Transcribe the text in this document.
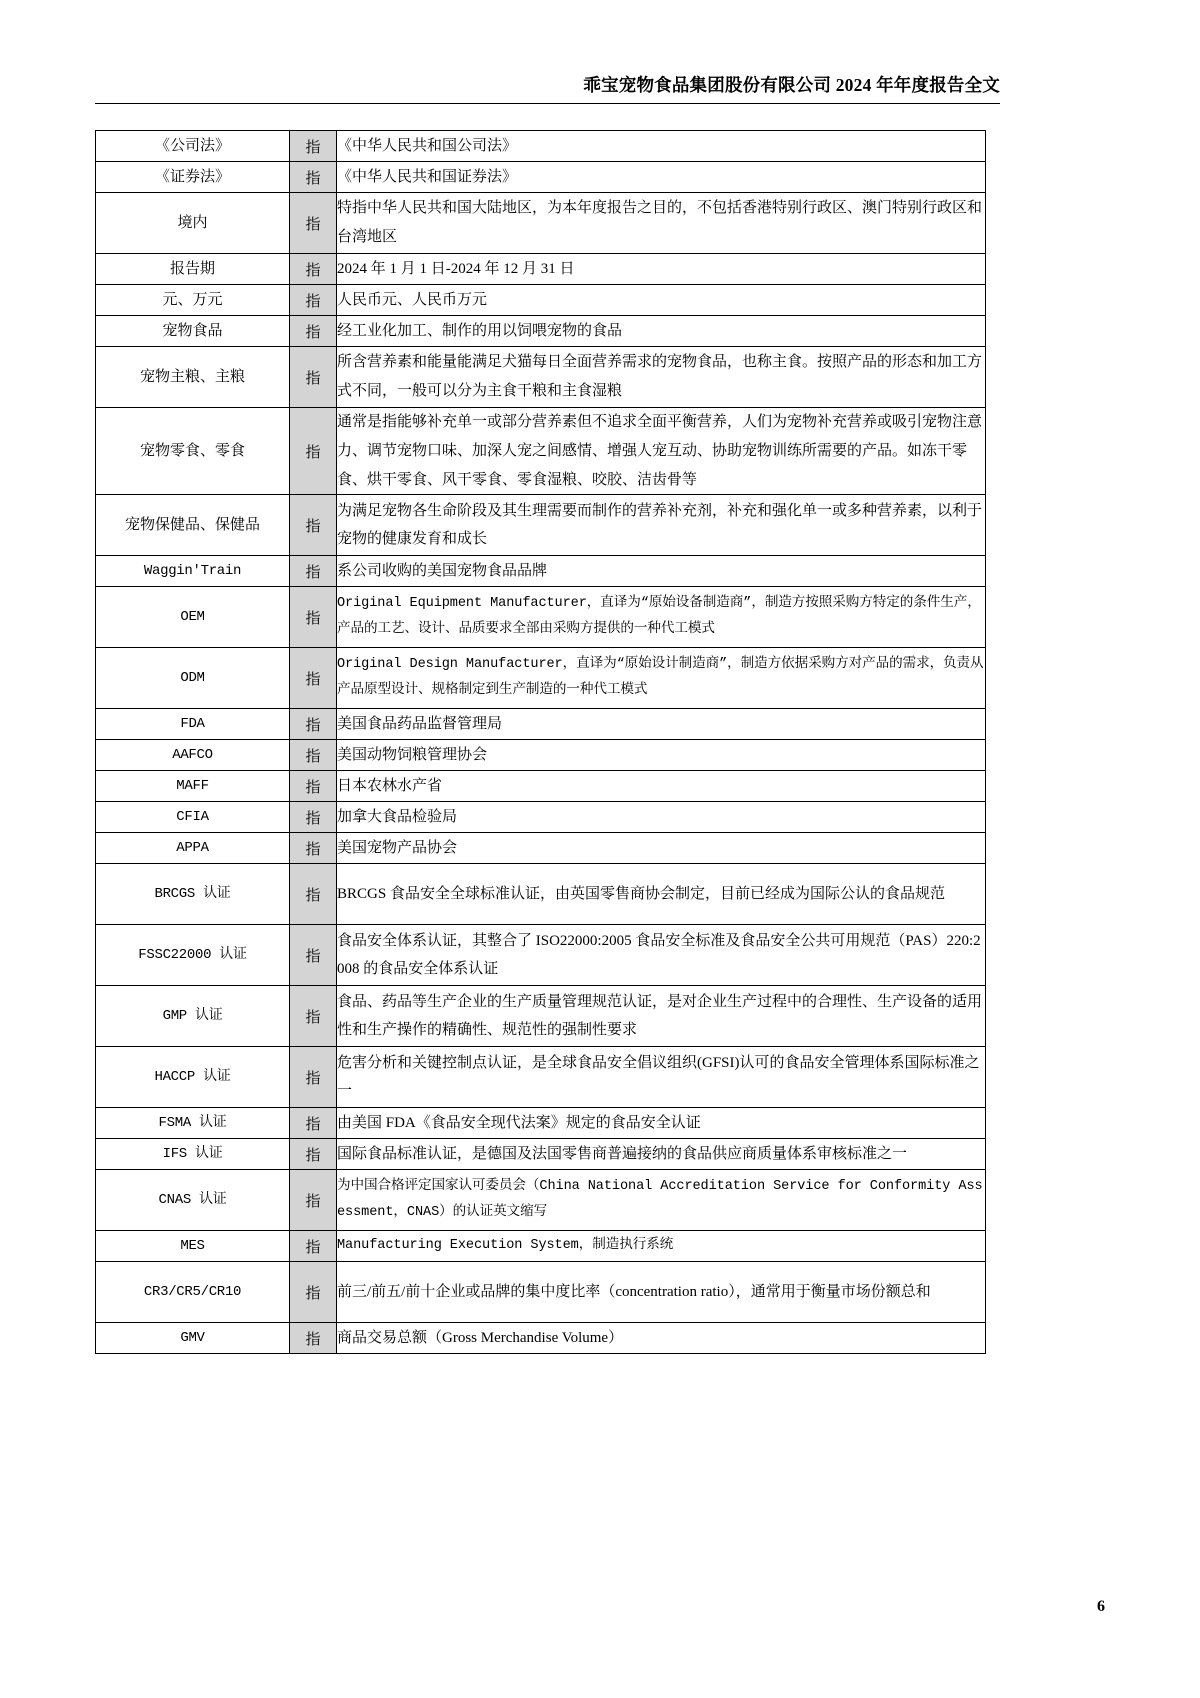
乖宝宠物食品集团股份有限公司 2024 年年度报告全文
《公司法》	指	《中华人民共和国公司法》
《证券法》	指	《中华人民共和国证券法》
境内	指	特指中华人民共和国大陆地区，为本年度报告之目的，不包括香港特别行政区、澳门特别行政区和台湾地区
报告期	指	2024 年 1 月 1 日-2024 年 12 月 31 日
元、万元	指	人民币元、人民币万元
宠物食品	指	经工业化加工、制作的用以饲喂宠物的食品
宠物主粮、主粮	指	所含营养素和能量能满足犬猫每日全面营养需求的宠物食品，也称主食。按照产品的形态和加工方式不同，一般可以分为主食干粮和主食湿粮
宠物零食、零食	指	通常是指能够补充单一或部分营养素但不追求全面平衡营养，人们为宠物补充营养或吸引宠物注意力、调节宠物口味、加深人宠之间感情、增强人宠互动、协助宠物训练所需要的产品。如冻干零食、烘干零食、风干零食、零食湿粮、咬胶、洁齿骨等
宠物保健品、保健品	指	为满足宠物各生命阶段及其生理需要而制作的营养补充剂，补充和强化单一或多种营养素，以利于宠物的健康发育和成长
Waggin'Train	指	系公司收购的美国宠物食品品牌
OEM	指	Original Equipment Manufacturer，直译为“原始设备制造商”，制造方按照采购方特定的条件生产，产品的工艺、设计、品质要求全部由采购方提供的一种代工模式
ODM	指	Original Design Manufacturer，直译为“原始设计制造商”，制造方依据采购方对产品的需求，负责从产品原型设计、规格制定到生产制造的一种代工模式
FDA	指	美国食品药品监督管理局
AAFCO	指	美国动物饲粮管理协会
MAFF	指	日本农林水产省
CFIA	指	加拿大食品检验局
APPA	指	美国宠物产品协会
BRCGS 认证	指	BRCGS 食品安全全球标准认证，由英国零售商协会制定，目前已经成为国际公认的食品规范
FSSC22000 认证	指	食品安全体系认证，其整合了 ISO22000:2005 食品安全标准及食品安全公共可用规范（PAS）220:2008 的食品安全体系认证
GMP 认证	指	食品、药品等生产企业的生产质量管理规范认证，是对企业生产过程中的合理性、生产设备的适用性和生产操作的精确性、规范性的强制性要求
HACCP 认证	指	危害分析和关键控制点认证，是全球食品安全倡议组织(GFSI)认可的食品安全管理体系国际标准之一
FSMA 认证	指	由美国 FDA《食品安全现代法案》规定的食品安全认证
IFS 认证	指	国际食品标准认证，是德国及法国零售商普遍接纳的食品供应商质量体系审核标准之一
CNAS 认证	指	为中国合格评定国家认可委员会（China National Accreditation Service for Conformity Assessment，CNAS）的认证英文缩写
MES	指	Manufacturing Execution System，制造执行系统
CR3/CR5/CR10	指	前三/前五/前十企业或品牌的集中度比率（concentration ratio），通常用于衡量市场份额总和
GMV	指	商品交易总额（Gross Merchandise Volume）
6
